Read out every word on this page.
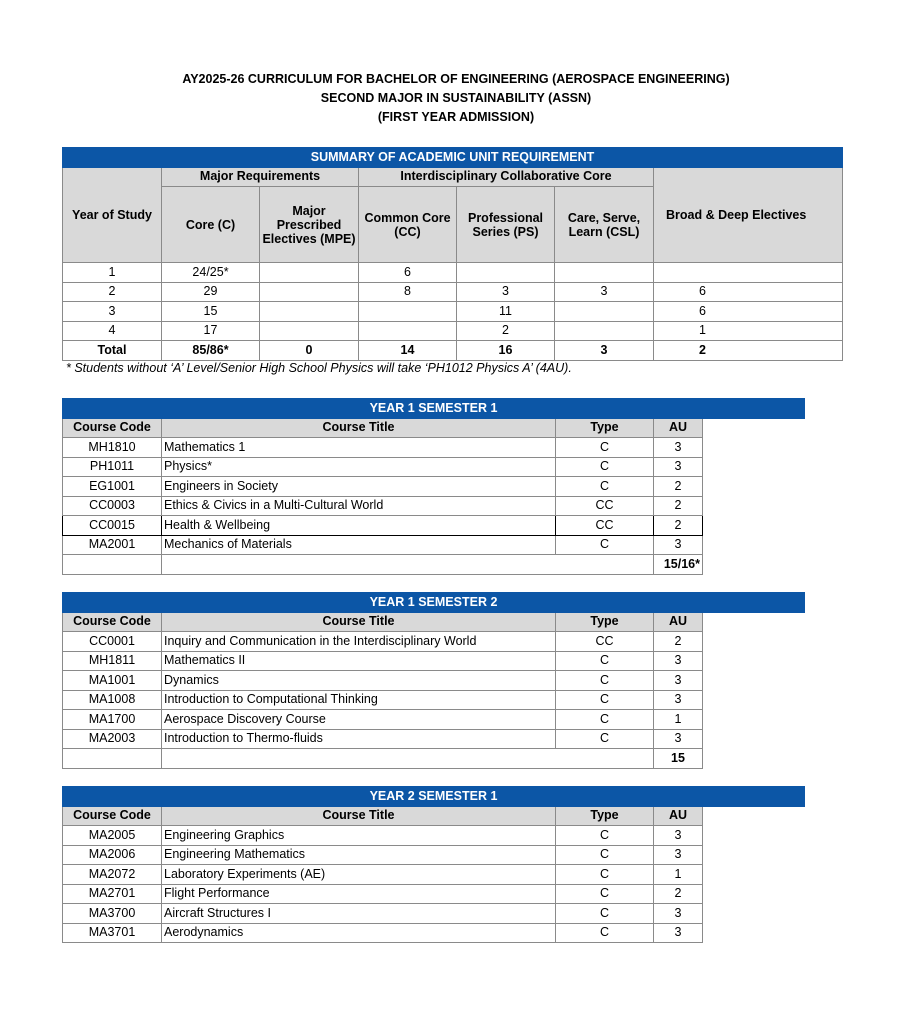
AY2025-26 CURRICULUM FOR BACHELOR OF ENGINEERING (AEROSPACE ENGINEERING)
SECOND MAJOR IN SUSTAINABILITY (ASSN)
(FIRST YEAR ADMISSION)
SUMMARY OF ACADEMIC UNIT REQUIREMENT						
Year of Study	Major Requirements		Interdisciplinary Collaborative Core			Broad & Deep Electives
	Core (C)	Major Prescribed Electives (MPE)	Common Core (CC)	Professional Series (PS)	Care, Serve, Learn (CSL)	
1	24/25*		6			
2	29		8	3	3	6
3	15			11		6
4	17			2		1
Total	85/86*	0	14	16	3	2
* Students without ‘A’ Level/Senior High School Physics will take ‘PH1012 Physics A’ (4AU).
YEAR 1 SEMESTER 1				
Course Code	Course Title	Type	AU	
MH1810	Mathematics 1	C	3	
PH1011	Physics*	C	3	
EG1001	Engineers in Society	C	2	
CC0003	Ethics & Civics in a Multi-Cultural World	CC	2	
CC0015	Health & Wellbeing	CC	2	
MA2001	Mechanics of Materials	C	3	
			15/16*	
YEAR 1 SEMESTER 2				
Course Code	Course Title	Type	AU	
CC0001	Inquiry and Communication in the Interdisciplinary World	CC	2	
MH1811	Mathematics II	C	3	
MA1001	Dynamics	C	3	
MA1008	Introduction to Computational Thinking	C	3	
MA1700	Aerospace Discovery Course	C	1	
MA2003	Introduction to Thermo-fluids	C	3	
			15	
YEAR 2 SEMESTER 1				
Course Code	Course Title	Type	AU	
MA2005	Engineering Graphics	C	3	
MA2006	Engineering Mathematics	C	3	
MA2072	Laboratory Experiments (AE)	C	1	
MA2701	Flight Performance	C	2	
MA3700	Aircraft Structures I	C	3	
MA3701	Aerodynamics	C	3	
